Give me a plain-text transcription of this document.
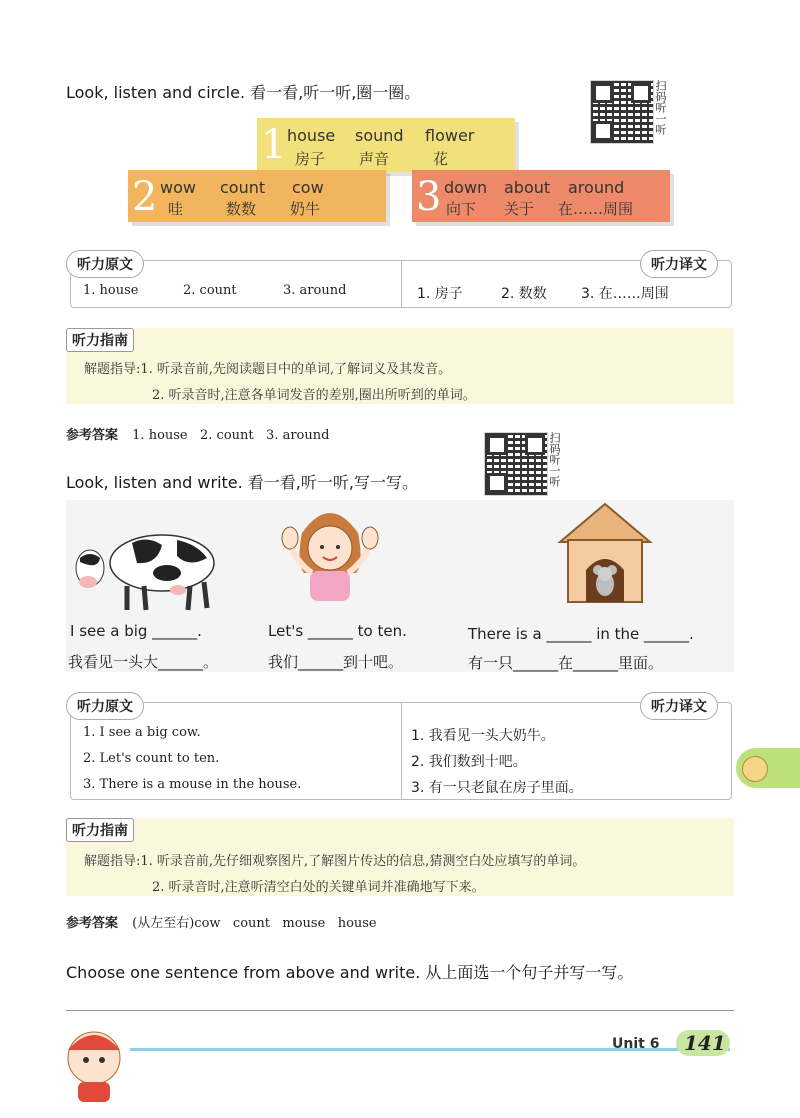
Look, listen and circle. 看一看,听一听,圈一圈。	扫码听一听
1 house sound flower
房子 声音	花
2 wow count cow
哇	数数 奶牛 3 down about around
向下 关于 在……周围
1. house	2. count	3. around	1. 房子	2. 数数 3. 在……周围
听力原文	听力译文
听力指南
解题指导:1. 听录音前,先阅读题目中的单词,了解词义及其发音。
2. 听录音时,注意各单词发音的差别,圈出所听到的单词。
参考答案 1. house   2. count   3. around
Look, listen and write. 看一看,听一听,写一写。	扫码听一听
I see a big ______.
我看见一头大______。
Let's ______ to ten.
我们______到十吧。
There is a ______ in the ______.
有一只______在______里面。
1. I see a big cow.
2. Let's count to ten.
3. There is a mouse in the house.
1. 我看见一头大奶牛。
2. 我们数到十吧。
3. 有一只老鼠在房子里面。
听力原文	听力译文
听力指南
解题指导:1. 听录音前,先仔细观察图片,了解图片传达的信息,猜测空白处应填写的单词。
2. 听录音时,注意听清空白处的关键单词并准确地写下来。
参考答案 (从左至右)cow   count   mouse   house
Choose one sentence from above and write. 从上面选一个句子并写一写。
Unit 6 141
